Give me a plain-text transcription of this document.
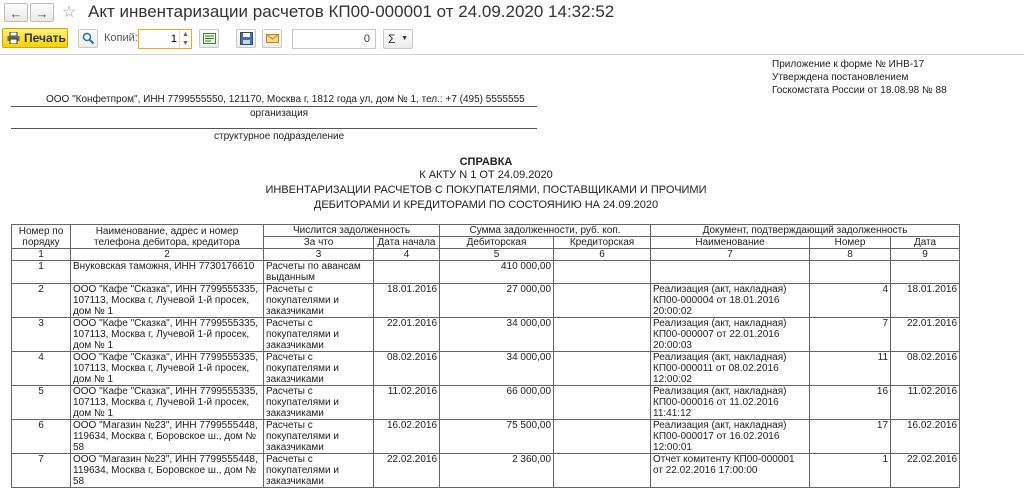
←	→ ☆ Акт инвентаризации расчетов КП00-000001 от 24.09.2020 14:32:52
Печать	Копий:	1 ▲
▼	0	Σ ▼
Приложение к форме № ИНВ-17
Утверждена постановлением
Госкомстата России от 18.08.98 № 88
ООО "Конфетпром", ИНН 7799555550, 121170, Москва г, 1812 года ул, дом № 1, тел.: +7 (495) 5555555
организация
структурное подразделение
СПРАВКА
К АКТУ N 1 ОТ 24.09.2020
ИНВЕНТАРИЗАЦИИ РАСЧЕТОВ С ПОКУПАТЕЛЯМИ, ПОСТАВЩИКАМИ И ПРОЧИМИ
ДЕБИТОРАМИ И КРЕДИТОРАМИ ПО СОСТОЯНИЮ НА 24.09.2020
Номер по порядку	Наименование, адрес и номер телефона дебитора, кредитора	Числится задолженность		Сумма задолженности, руб. коп.		Документ, подтверждающий задолженность		
		За что	Дата начала	Дебиторская	Кредиторская	Наименование	Номер	Дата
1	2	3	4	5	6	7	8	9
1	Внуковская таможня, ИНН 7730176610	Расчеты по авансам выданным		410 000,00				
2	ООО "Кафе "Сказка", ИНН 7799555335, 107113, Москва г, Лучевой 1-й просек, дом № 1	Расчеты с покупателями и заказчиками	18.01.2016	27 000,00		Реализация (акт, накладная) КП00-000004 от 18.01.2016 20:00:02	4	18.01.2016
3	ООО "Кафе "Сказка", ИНН 7799555335, 107113, Москва г, Лучевой 1-й просек, дом № 1	Расчеты с покупателями и заказчиками	22.01.2016	34 000,00		Реализация (акт, накладная) КП00-000007 от 22.01.2016 20:00:03	7	22.01.2016
4	ООО "Кафе "Сказка", ИНН 7799555335, 107113, Москва г, Лучевой 1-й просек, дом № 1	Расчеты с покупателями и заказчиками	08.02.2016	34 000,00		Реализация (акт, накладная) КП00-000011 от 08.02.2016 12:00:02	11	08.02.2016
5	ООО "Кафе "Сказка", ИНН 7799555335, 107113, Москва г, Лучевой 1-й просек, дом № 1	Расчеты с покупателями и заказчиками	11.02.2016	66 000,00		Реализация (акт, накладная) КП00-000016 от 11.02.2016 11:41:12	16	11.02.2016
6	ООО "Магазин №23", ИНН 7799555448, 119634, Москва г, Боровское ш., дом № 58	Расчеты с покупателями и заказчиками	16.02.2016	75 500,00		Реализация (акт, накладная) КП00-000017 от 16.02.2016 12:00:01	17	16.02.2016
7	ООО "Магазин №23", ИНН 7799555448, 119634, Москва г, Боровское ш., дом № 58	Расчеты с покупателями и заказчиками	22.02.2016	2 360,00		Отчет комитенту КП00-000001 от 22.02.2016 17:00:00	1	22.02.2016
